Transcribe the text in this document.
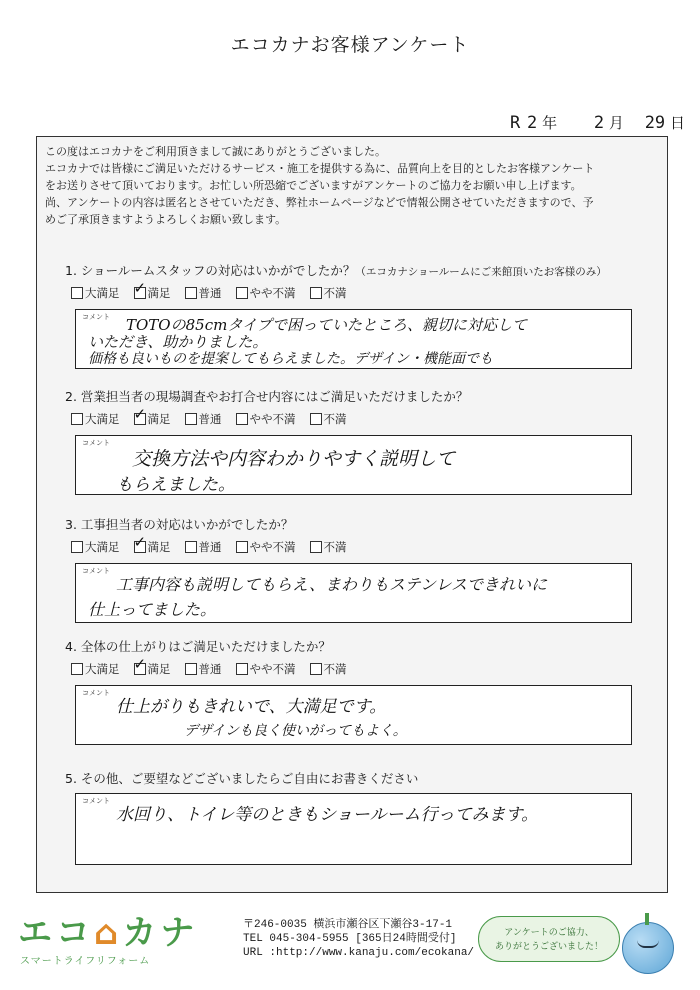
エコカナお客様アンケート
R 2 年 2 月 29 日

この度はエコカナをご利用頂きまして誠にありがとうございました。

エコカナでは皆様にご満足いただけるサービス・施工を提供する為に、品質向上を目的としたお客様アンケート

をお送りさせて頂いております。お忙しい所恐縮でございますがアンケートのご協力をお願い申し上げます。

尚、アンケートの内容は匿名とさせていただき、弊社ホームページなどで情報公開させていただきますので、予

めご了承頂きますようよろしくお願い致します。

1. ショールームスタッフの対応はいかがでしたか？（エコカナショールームにご来館頂いたお客様のみ）
大満足 ✓ 満足 普通 やや不満 不満
コメント TOTOの85cmタイプで困っていたところ、親切に対応して
いただき、助かりました。
価格も良いものを提案してもらえました。デザイン・機能面でも
2. 営業担当者の現場調査やお打合せ内容にはご満足いただけましたか？
大満足 ✓ 満足 普通 やや不満 不満
コメント
交換方法や内容わかりやすく説明して
もらえました。
3. 工事担当者の対応はいかがでしたか？
大満足 ✓ 満足 普通 やや不満 不満
コメント
工事内容も説明してもらえ、まわりもステンレスできれいに
仕上ってました。
4. 全体の仕上がりはご満足いただけましたか？
大満足 ✓ 満足 普通 やや不満 不満
コメント
仕上がりもきれいで、大満足です。
デザインも良く使いがってもよく。
5. その他、ご要望などございましたらご自由にお書きください
コメント
水回り、トイレ等のときもショールーム行ってみます。
エコ⌂カナ
スマートライフリフォーム
〒246-0035 横浜市瀬谷区下瀬谷3-17-1
TEL 045-304-5955 [365日24時間受付]
URL :http://www.kanaju.com/ecokana/
アンケートのご協力、
ありがとうございました！
